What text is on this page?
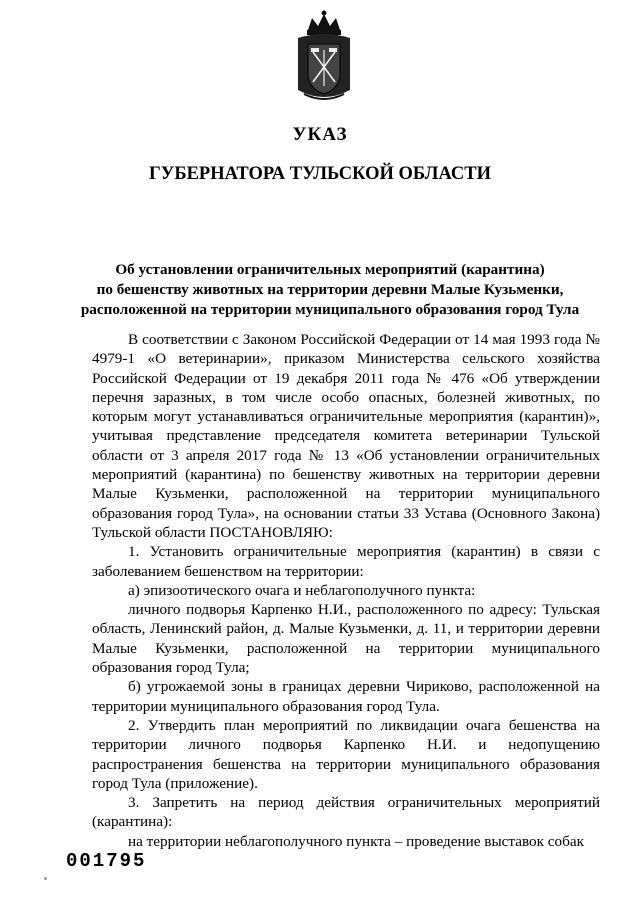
УКАЗ
ГУБЕРНАТОРА ТУЛЬСКОЙ ОБЛАСТИ
Об установлении ограничительных мероприятий (карантина)
по бешенству животных на территории деревни Малые Кузьменки,
расположенной на территории муниципального образования город Тула

В соответствии с Законом Российской Федерации от 14 мая 1993 года № 4979-1 «О ветеринарии», приказом Министерства сельского хозяйства Российской Федерации от 19 декабря 2011 года № 476 «Об утверждении перечня заразных, в том числе особо опасных, болезней животных, по которым могут устанавливаться ограничительные мероприятия (карантин)», учитывая представление председателя комитета ветеринарии Тульской области от 3 апреля 2017 года № 13 «Об установлении ограничительных мероприятий (карантина) по бешенству животных на территории деревни Малые Кузьменки, расположенной на территории муниципального образования город Тула», на основании статьи 33 Устава (Основного Закона) Тульской области ПОСТАНОВЛЯЮ:

1. Установить ограничительные мероприятия (карантин) в связи с заболеванием бешенством на территории:

а) эпизоотического очага и неблагополучного пункта:

личного подворья Карпенко Н.И., расположенного по адресу: Тульская область, Ленинский район, д. Малые Кузьменки, д. 11, и территории деревни Малые Кузьменки, расположенной на территории муниципального образования город Тула;

б) угрожаемой зоны в границах деревни Чириково, расположенной на территории муниципального образования город Тула.

2. Утвердить план мероприятий по ликвидации очага бешенства на территории личного подворья Карпенко Н.И. и недопущению распространения бешенства на территории муниципального образования город Тула (приложение).

3. Запретить на период действия ограничительных мероприятий (карантина):

на территории неблагополучного пункта – проведение выставок собак

001795
